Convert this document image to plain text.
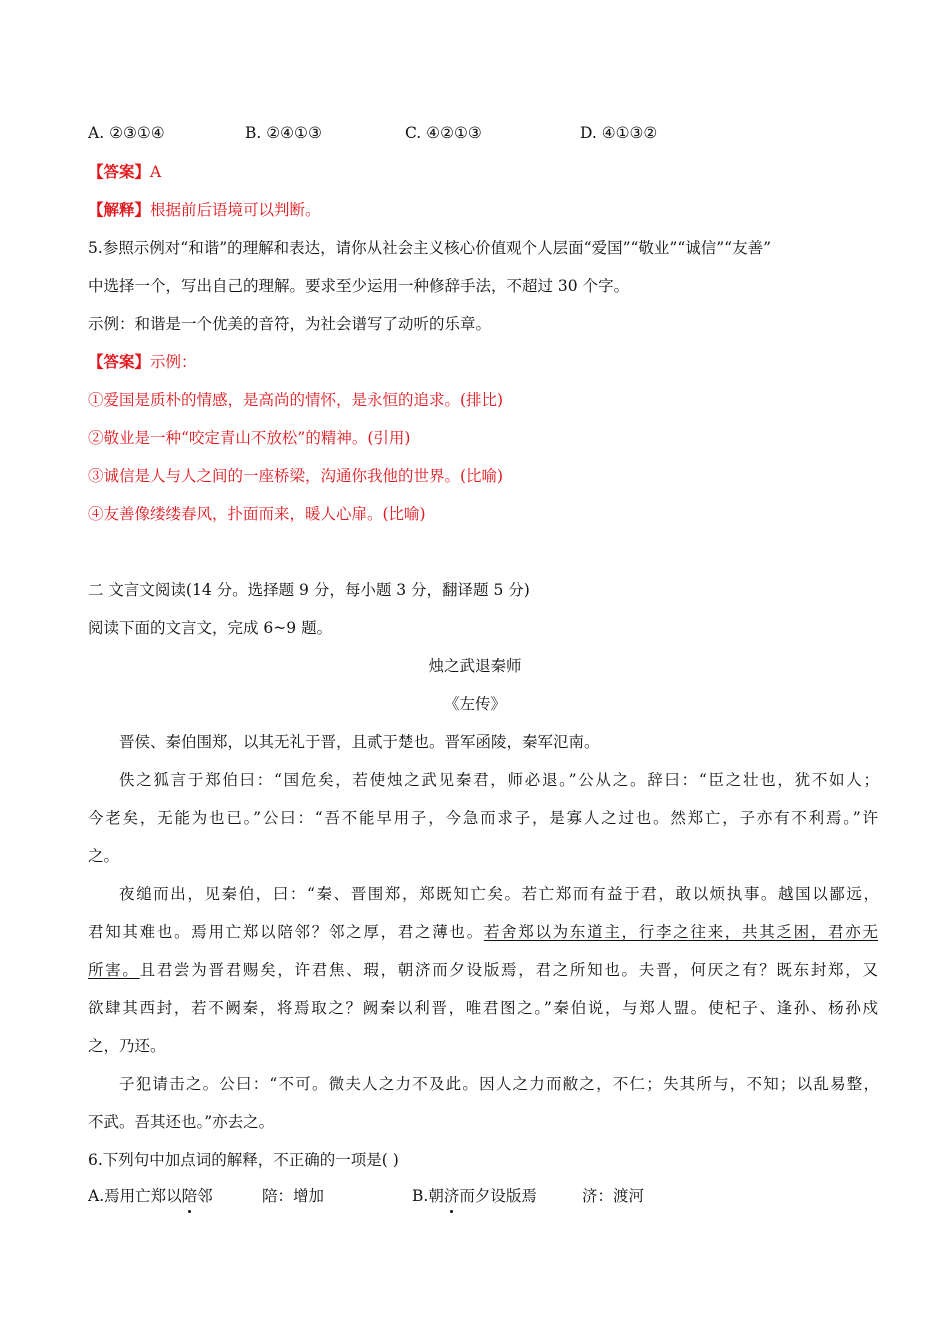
A. ②③①④	B. ②④①③	C. ④②①③	D. ④①③②
【答案】A
【解释】根据前后语境可以判断。
5.参照示例对“和谐”的理解和表达，请你从社会主义核心价值观个人层面“爱国”“敬业”“诚信”“友善”
中选择一个，写出自己的理解。要求至少运用一种修辞手法，不超过 30 个字。
示例：和谐是一个优美的音符，为社会谱写了动听的乐章。
【答案】示例：
①爱国是质朴的情感，是高尚的情怀，是永恒的追求。(排比)
②敬业是一种“咬定青山不放松”的精神。(引用)
③诚信是人与人之间的一座桥梁，沟通你我他的世界。(比喻)
④友善像缕缕春风，扑面而来，暖人心扉。(比喻)
二 文言文阅读(14 分。选择题 9 分，每小题 3 分，翻译题 5 分)
阅读下面的文言文，完成 6~9 题。
烛之武退秦师
《左传》
晋侯、秦伯围郑，以其无礼于晋，且贰于楚也。晋军函陵，秦军氾南。
佚之狐言于郑伯曰：“国危矣，若使烛之武见秦君，师必退。”公从之。辞曰：“臣之壮也，犹不如人；
今老矣，无能为也已。”公曰：“吾不能早用子，今急而求子，是寡人之过也。然郑亡，子亦有不利焉。”许
之。
夜缒而出，见秦伯，曰：“秦、晋围郑，郑既知亡矣。若亡郑而有益于君，敢以烦执事。越国以鄙远，
君知其难也。焉用亡郑以陪邻？邻之厚，君之薄也。若舍郑以为东道主，行李之往来，共其乏困，君亦无
所害。且君尝为晋君赐矣，许君焦、瑕，朝济而夕设版焉，君之所知也。夫晋，何厌之有？既东封郑，又
欲肆其西封，若不阙秦，将焉取之？阙秦以利晋，唯君图之。”秦伯说，与郑人盟。使杞子、逢孙、杨孙戍
之，乃还。
子犯请击之。公曰：“不可。微夫人之力不及此。因人之力而敝之，不仁；失其所与，不知；以乱易整，
不武。吾其还也。”亦去之。
6.下列句中加点词的解释，不正确的一项是( )
A.焉用亡郑以陪邻	陪：增加	B.朝济而夕设版焉	济：渡河
